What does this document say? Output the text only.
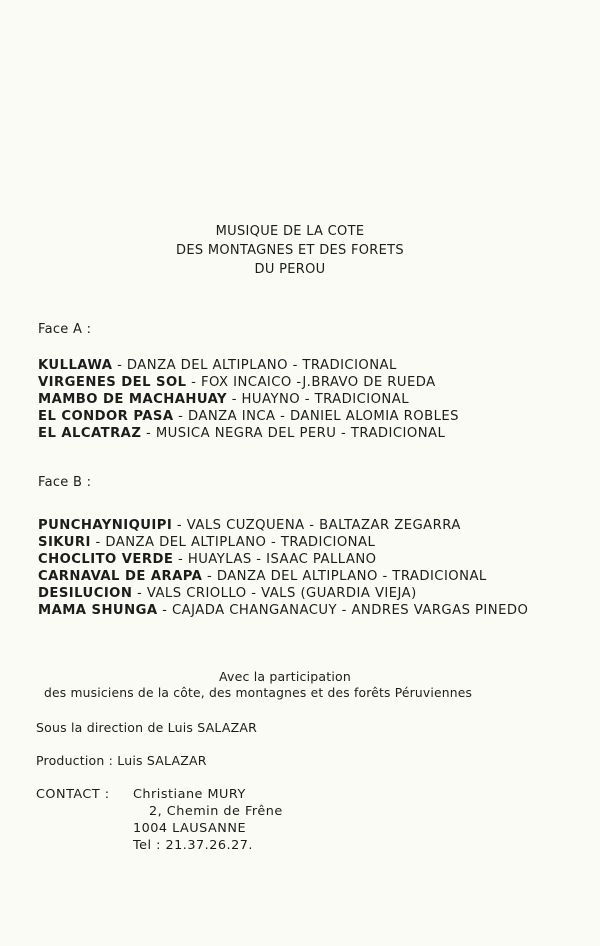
MUSIQUE DE LA COTE
DES MONTAGNES ET DES FORETS
DU PEROU
Face A :
KULLAWA - DANZA DEL ALTIPLANO - TRADICIONAL
VIRGENES DEL SOL - FOX INCAICO -J.BRAVO DE RUEDA
MAMBO DE MACHAHUAY - HUAYNO - TRADICIONAL
EL CONDOR PASA - DANZA INCA - DANIEL ALOMIA ROBLES
EL ALCATRAZ - MUSICA NEGRA DEL PERU - TRADICIONAL
Face B :
PUNCHAYNIQUIPI - VALS CUZQUENA - BALTAZAR ZEGARRA
SIKURI - DANZA DEL ALTIPLANO - TRADICIONAL
CHOCLITO VERDE - HUAYLAS - ISAAC PALLANO
CARNAVAL DE ARAPA - DANZA DEL ALTIPLANO - TRADICIONAL
DESILUCION - VALS CRIOLLO - VALS (GUARDIA VIEJA)
MAMA SHUNGA - CAJADA CHANGANACUY - ANDRES VARGAS PINEDO
Avec la participation
des musiciens de la côte, des montagnes et des forêts Péruviennes
Sous la direction de Luis SALAZAR
Production : Luis SALAZAR
CONTACT :	Christiane MURY
2, Chemin de Frêne
1004 LAUSANNE
Tel : 21.37.26.27.
